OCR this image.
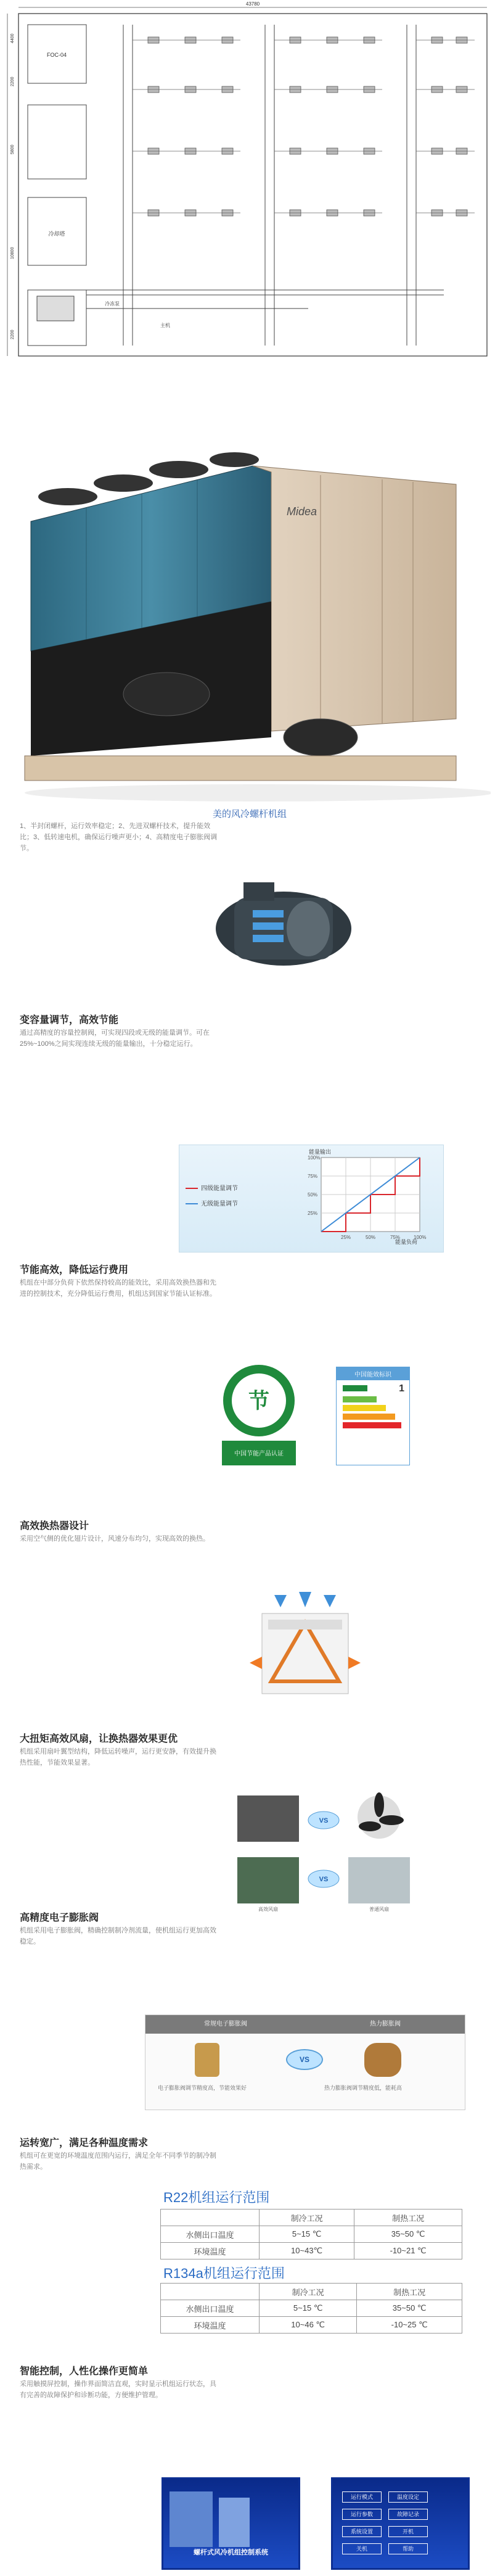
43780
4400
2200
5800
10800
2200
FOC-04
冷却塔
冷冻泵
主机
Midea
美的风冷螺杆机组
1、半封闭螺杆，运行效率稳定；2、先进双螺杆技术，提升能效比；3、低转速电机，确保运行噪声更小；4、高精度电子膨胀阀调节。
变容量调节，高效节能
通过高精度的容量控制阀，可实现四段或无级的能量调节。可在25%~100%之间实现连续无级的能量输出，十分稳定运行。
能量输出
能量负荷
100%
75%
50%
25%
25%	50%	75%	100%
四级能量调节
无级能量调节
节能高效，降低运行费用
机组在中部分负荷下依然保持较高的能效比，采用高效换热器和先进的控制技术，充分降低运行费用，机组达到国家节能认证标准。
节
中国节能产品认证
中国能效标识
1
高效换热器设计
采用空气侧的优化翅片设计，风速分布均匀，实现高效的换热。
大扭矩高效风扇，让换热器效果更优
机组采用扇叶翼型结构，降低运转噪声，运行更安静，有效提升换热性能，节能效果显著。
VS
VS
高效风扇	普通风扇
高精度电子膨胀阀
机组采用电子膨胀阀，精确控制制冷剂流量，使机组运行更加高效稳定。
常规电子膨胀阀	热力膨胀阀
VS
电子膨胀阀调节精度高，节能效果好	热力膨胀阀调节精度低，能耗高
运转宽广，满足各种温度需求
机组可在更宽的环境温度范围内运行，满足全年不同季节的制冷制热需求。
R22机组运行范围
	制冷工况	制热工况
水侧出口温度	5~15 ℃	35~50 ℃
环境温度	10~43℃	-10~21 ℃
R134a机组运行范围
	制冷工况	制热工况
水侧出口温度	5~15 ℃	35~50 ℃
环境温度	10~46 ℃	-10~25 ℃
智能控制，人性化操作更简单
采用触摸屏控制，操作界面简洁直观，实时显示机组运行状态，具有完善的故障保护和诊断功能，方便维护管理。
螺杆式风冷机组控制系统
运行模式	温度设定
运行参数	故障记录
系统设置	开机
关机	帮助
